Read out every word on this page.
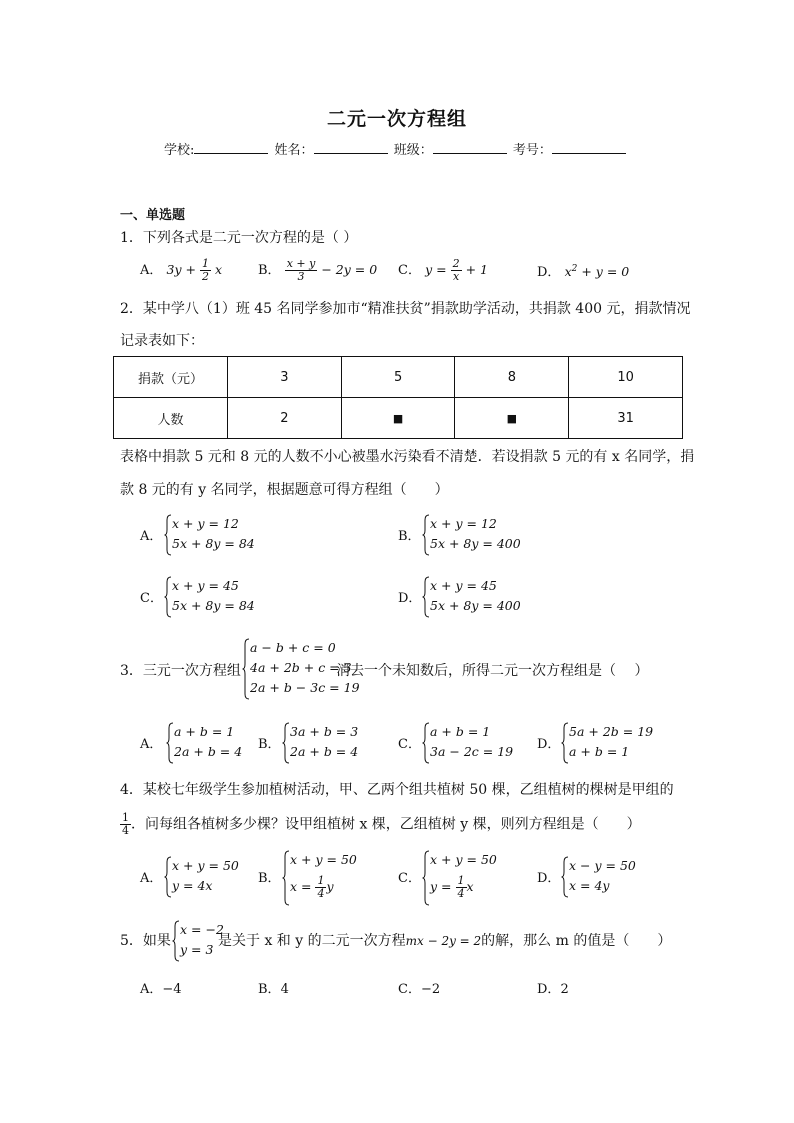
二元一次方程组
学校:	姓名：	班级：	考号：
一、单选题
1．下列各式是二元一次方程的是（ ）
A． $3y + \frac{1}{2}$ x	B． $\frac{x + y}{3} - 2y = 0$ C． $y = \frac{2}{x} + 1$	D． $x^2 + y = 0$
2．某中学八（1）班 45 名同学参加市“精准扶贫”捐款助学活动，共捐款 400 元，捐款情况
记录表如下：
捐款（元）	3	5	8	10
人数	2	■	■	31
表格中捐款 5 元和 8 元的人数不小心被墨水污染看不清楚．若设捐款 5 元的有 x 名同学，捐
款 8 元的有 y 名同学，根据题意可得方程组（　　）
A．
x + y = 12
5x + 8y = 84	B．
x + y = 12
5x + 8y = 400
C．
x + y = 45
5x + 8y = 84	D．
x + y = 45
5x + 8y = 400
3．三元一次方程组
a − b + c = 0
4a + 2b + c = 3
2a + b − 3c = 19
消去一个未知数后，所得二元一次方程组是（　 ）
A．
a + b = 1
2a + b = 4 B．
3a + b = 3
2a + b = 4	C．
a + b = 1
3a − 2c = 19 D．
5a + 2b = 19
a + b = 1
4．某校七年级学生参加植树活动，甲、乙两个组共植树 50 棵，乙组植树的棵树是甲组的
$\frac{1}{4}$ ．问每组各植树多少棵？设甲组植树 x 棵，乙组植树 y 棵，则列方程组是（　　）
A．
x + y = 50
y = 4x	B．
x + y = 50
$x = \frac{1}{4}$ y
C．
x + y = 50
$y = \frac{1}{4}$ x
D．
x − y = 50
x = 4y
5．如果
x = −2
y = 3
是关于 x 和 y 的二元一次方程mx − 2y = 2的解，那么 m 的值是（　　）
A．−4	B．4	C．−2	D．2
